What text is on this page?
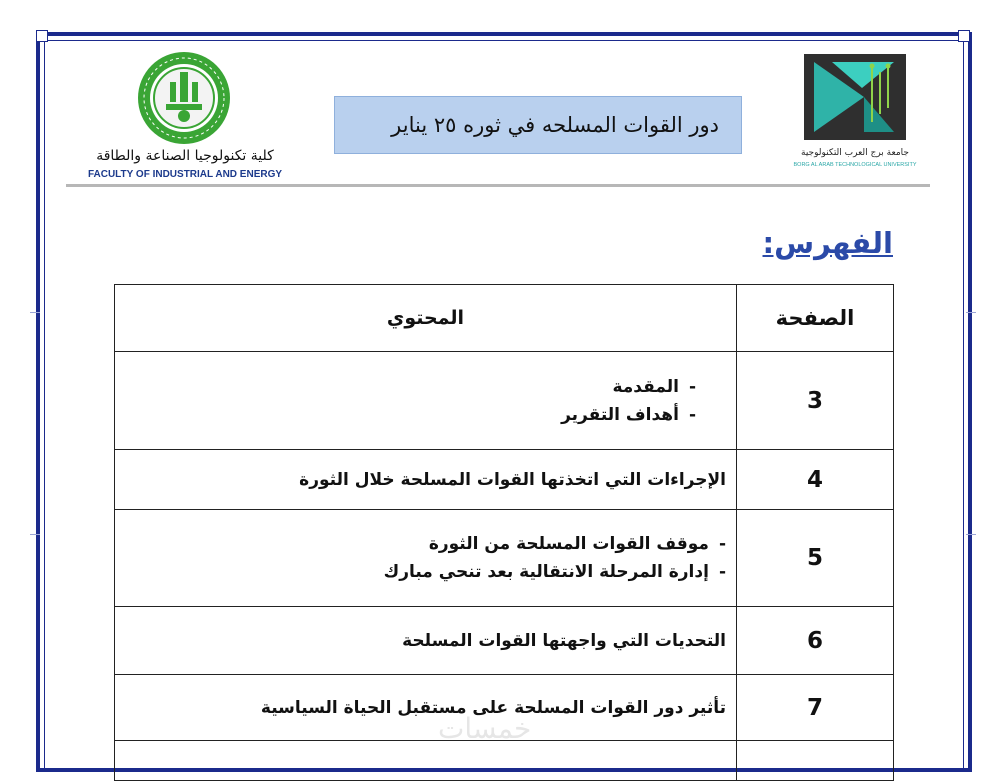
جامعة برج العرب التكنولوجية
BORG AL ARAB TECHNOLOGICAL UNIVERSITY
دور القوات المسلحه في ثوره ٢٥ يناير
كلية تكنولوجيا الصناعة والطاقة
FACULTY OF INDUSTRIAL AND ENERGY
الفهرس:
الصفحة	المحتوي
3	-المقدمة
-أهداف التقرير

4	الإجراءات التي اتخذتها القوات المسلحة خلال الثورة
5	-موقف القوات المسلحة من الثورة
-إدارة المرحلة الانتقالية بعد تنحي مبارك

6	التحديات التي واجهتها القوات المسلحة
7	تأثير دور القوات المسلحة على مستقبل الحياة السياسية

خمسات
